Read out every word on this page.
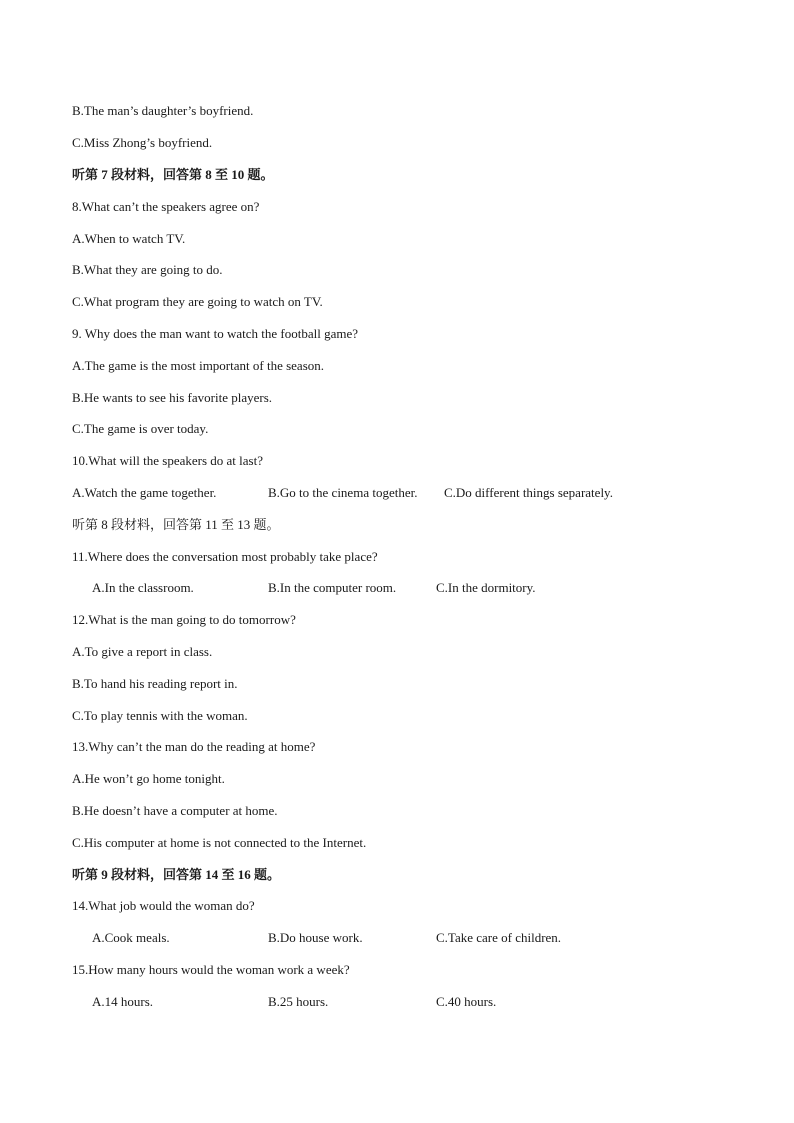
B.The man’s daughter’s boyfriend.
C.Miss Zhong’s boyfriend.
听第 7 段材料，回答第 8 至 10 题。
8.What can’t the speakers agree on?
A.When to watch TV.
B.What they are going to do.
C.What program they are going to watch on TV.
9. Why does the man want to watch the football game?
A.The game is the most important of the season.
B.He wants to see his favorite players.
C.The game is over today.
10.What will the speakers do at last?
A.Watch the game together.	B.Go to the cinema together. C.Do different things separately.
听第 8 段材料，回答第 11 至 13 题。
11.Where does the conversation most probably take place?
A.In the classroom.	B.In the computer room.	C.In the dormitory.
12.What is the man going to do tomorrow?
A.To give a report in class.
B.To hand his reading report in.
C.To play tennis with the woman.
13.Why can’t the man do the reading at home?
A.He won’t go home tonight.
B.He doesn’t have a computer at home.
C.His computer at home is not connected to the Internet.
听第 9 段材料，回答第 14 至 16 题。
14.What job would the woman do?
A.Cook meals.	B.Do house work.	C.Take care of children.
15.How many hours would the woman work a week?
A.14 hours.	B.25 hours.	C.40 hours.
